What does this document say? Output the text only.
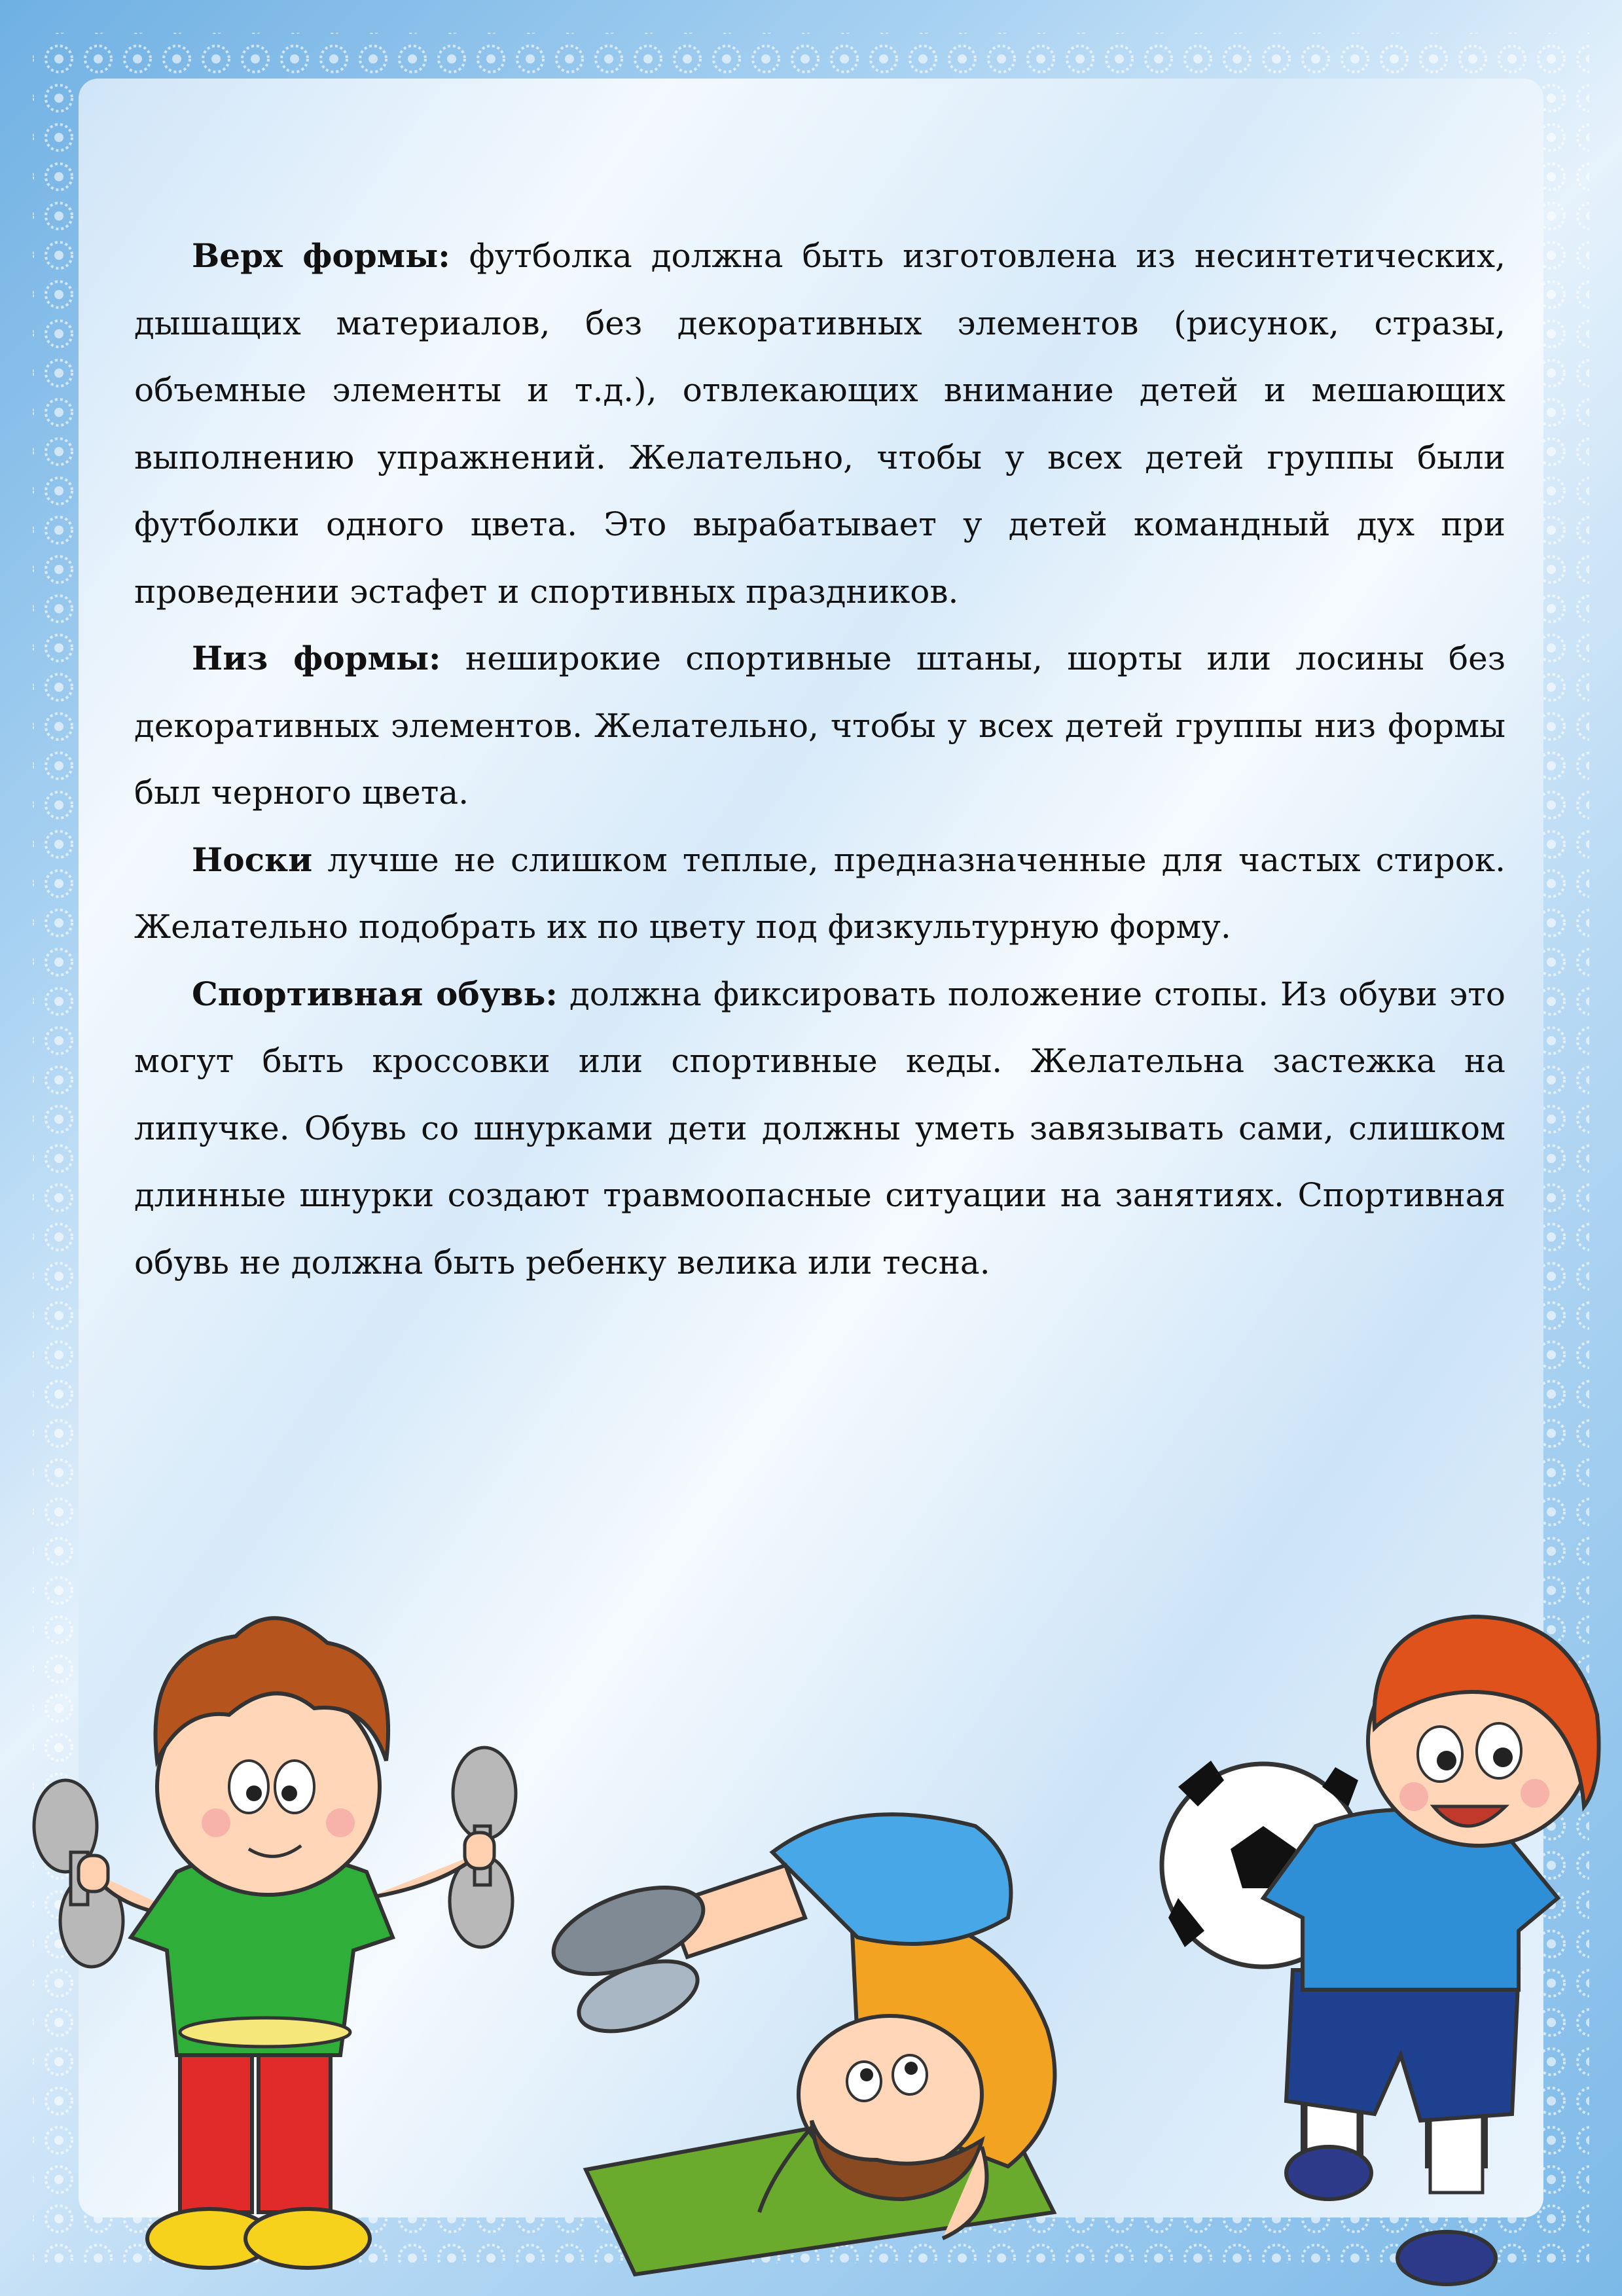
Верх формы: футболка должна быть изготовлена из несинтетических, дышащих материалов, без декоративных элементов (рисунок, стразы, объемные элементы и т.д.), отвлекающих внимание детей и мешающих выполнению упражнений. Желательно, чтобы у всех детей группы были футболки одного цвета. Это вырабатывает у детей командный дух при проведении эстафет и спортивных праздников.

Низ формы: неширокие спортивные штаны, шорты или лосины без декоративных элементов. Желательно, чтобы у всех детей группы низ формы был черного цвета.

Носки лучше не слишком теплые, предназначенные для частых стирок. Желательно подобрать их по цвету под физкультурную форму.

Спортивная обувь: должна фиксировать положение стопы. Из обуви это могут быть кроссовки или спортивные кеды. Желательна застежка на липучке. Обувь со шнурками дети должны уметь завязывать сами, слишком длинные шнурки создают травмоопасные ситуации на занятиях. Спортивная обувь не должна быть ребенку велика или тесна.
